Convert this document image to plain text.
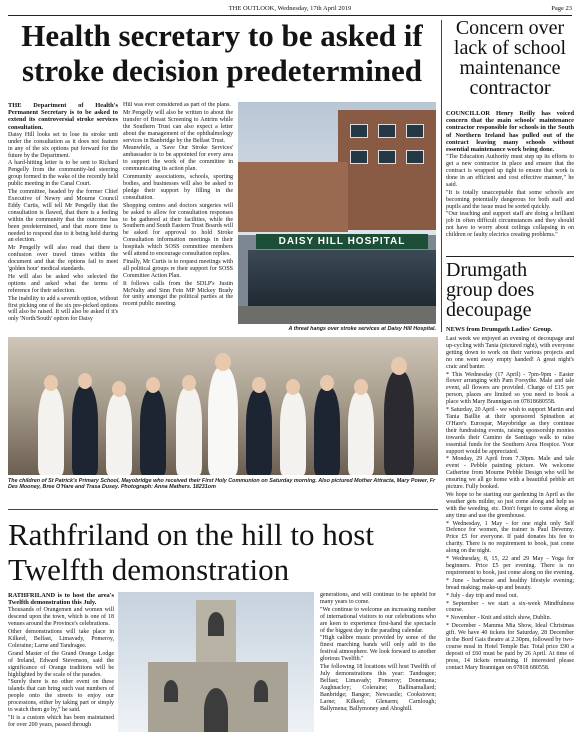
THE OUTLOOK, Wednesday, 17th April 2019	Page 23
Health secretary to be asked if stroke decision predetermined

THE Department of Health's Permanent Secretary is to be asked to extend its controversial stroke services consultation.

Daisy Hill looks set to lose its stroke unit under the consultation as it does not feature in any of the six options put forward for the future by the Department.

A hard-hitting letter is to be sent to Richard Pengelly from the community-led steering group formed in the wake of the recently held public meeting in the Canal Court.

The committee, headed by the former Chief Executive of Newry and Mourne Council Eddy Curtis, will tell Mr Pengelly that the consultation is flawed, that there is a feeling within the community that the outcome has been predetermined, and that more time is needed to respond due to it being held during an election.

Mr Pengelly will also read that there is confusion over travel times within the document and that the options fail to meet 'golden hour' medical standards.

He will also be asked who selected the options and asked what the terms of reference for their selection.

The inability to add a seventh option, without first picking one of the six pre-picked options will also be raised. It will also be asked if it's only 'North/South' option for Daisy

Hill was ever considered as part of the plans.

Mr Pengelly will also be written to about the transfer of Breast Screening to Antrim while the Southern Trust can also expect a letter about the management of the ophthalmology services in Banbridge by the Belfast Trust.

Meanwhile, a 'Save Our Stroke Services' ambassador is to be appointed for every area to support the work of the committee in communicating its action plan.

Community associations, schools, sporting bodies, and businesses will also be asked to pledge their support by filling in the consultation.

Shopping centres and doctors surgeries will be asked to allow for consultation responses to be gathered at their facilities, while the Southern and South Eastern Trust Boards will be asked for approval to hold Stroke Consultation information meetings in their hospitals which SOSS committee members will attend to encourage consultation replies.

Finally, Mr Curtis is to request meetings with all political groups re their support for SOSS Committee Action Plan.

It follows calls from the SDLP's Justin McNulty and Sinn Fein MP Mickey Brady for unity amongst the political parties at the recent public meeting.

DAISY HILL HOSPITAL
A threat hangs over stroke services at Daisy Hill Hospital.
Concern over lack of school maintenance contractor

COUNCILLOR Henry Reilly has voiced concern that the main schools' maintenance contractor responsible for schools in the South of Northern Ireland has pulled out of the contract leaving many schools without essential maintenance work being done.

"The Education Authority must step up its efforts to get a new contractor in place and ensure that the contract is wrapped up tight to ensure that work is done in an efficient and cost effective manner," he said.

"It is totally unacceptable that some schools are becoming potentially dangerous for both staff and pupils and the issue must be sorted quickly.

"Our teaching and support staff are doing a brilliant job in often difficult circumstances and they should not have to worry about ceilings collapsing in on children or faulty electrics creating problems."

Drumgath group does decoupage

NEWS from Drumgath Ladies' Group.

The children of St Patrick's Primary School, Mayobridge who received their First Holy Communion on Saturday morning. Also pictured Mother Attracta, Mary Power, Fr Des Mooney, Bree O'Hare and Trasa Dusey. Photograph: Anna Mathers. 18231om

Last week we enjoyed an evening of decoupage and up-cycling with Tania (pictured right), with everyone getting down to work on their various projects and no one went away empty handed! A great night's craic and banter.

* This Wednesday (17 April) - 7pm-9pm - Easter flower arranging with Pam Forsythe. Male and tale event, all flowers are provided. Charge of £15 per person, places are limited so you need to book a place with Mary Brannigan on 07818680558.

* Saturday, 20 April - we wish to support Martin and Tania Baillie at their sponsored Spinathon at O'Hare's Eurospar, Mayobridge as they continue their fundraising events, raising sponsorship monies towards their Camino de Santiago walk to raise essential funds for the Southern Area Hospice. Your support would be appreciated.

* Monday, 29 April from 7.30pm. Male and tale event - Pebble painting picture. We welcome Catherine from Mourne Pebble Design who will be ensuring we all go home with a beautiful pebble art picture. Fully booked.

We hope to be starting our gardening in April as the weather gets milder, so just come along and help us with the weeding, etc. Don't forget to come along at any time and use the greenhouse.

* Wednesday, 1 May - for one night only Self Defence for women, the trainer is Paul Devenny. Price £5 for everyone. If paid donates his fee to charity. There is no requirement to book, just come along on the night.

* Wednesday, 8, 15, 22 and 29 May - Yoga for beginners. Price £5 per evening. There is no requirement to book, just come along on the evening.

* June - barbecue and healthy lifestyle evening; bread making; make-up and beauty.

* July - day trip and meal out.

* September - we start a six-week Mindfulness course.

* November - Knit and stitch show, Dublin.

* December - Mamma Mia Show, Ideal Christmas gift. We have 40 tickets for Saturday, 28 December in the Bord Gais theatre at 2.30pm, followed by two-course meal in Hotel Temple Bar. Total price £90 a deposit of £60 must be paid by 26 April. At time of press, 14 tickets remaining. If interested please contact Mary Brannigan on 07818 680558.

Rathfriland on the hill to host Twelfth demonstration

RATHFRILAND is to host the area's Twelfth demonstration this July.

Thousands of Orangemen and women will descend upon the town, which is one of 18 venues around the Province's celebrations.

Other demonstrations will take place in Kilkeel, Belfast, Limavady, Pomeroy, Coleraine; Larne and Tandragee.

Grand Master of the Grand Orange Lodge of Ireland, Edward Stevenson, said the significance of Orange traditions will be highlighted by the scale of the parades.

"Surely there is no other event on these islands that can bring such vast numbers of people onto the streets to enjoy our processions, either by taking part or simply to watch them go by," he said.

"It is a custom which has been maintained for over 200 years, passed through

generations, and will continue to be upheld for many years to come.

"We continue to welcome an increasing number of international visitors to our celebrations who are keen to experience first-hand the spectacle of the biggest day in the parading calendar.

"High calibre music provided by some of the finest marching bands will only add to the festival atmosphere. We look forward to another glorious Twelfth."

The following 18 locations will host Twelfth of July demonstrations this year: Tandragee; Belfast; Limavady; Pomeroy; Donemana; Aughnacloy; Coleraine; Ballinamallard; Banbridge; Bangor; Newcastle; Cookstown; Larne; Kilkeel; Glenarm; Carnlough; Ballymena; Ballymoney and Ahoghill.
